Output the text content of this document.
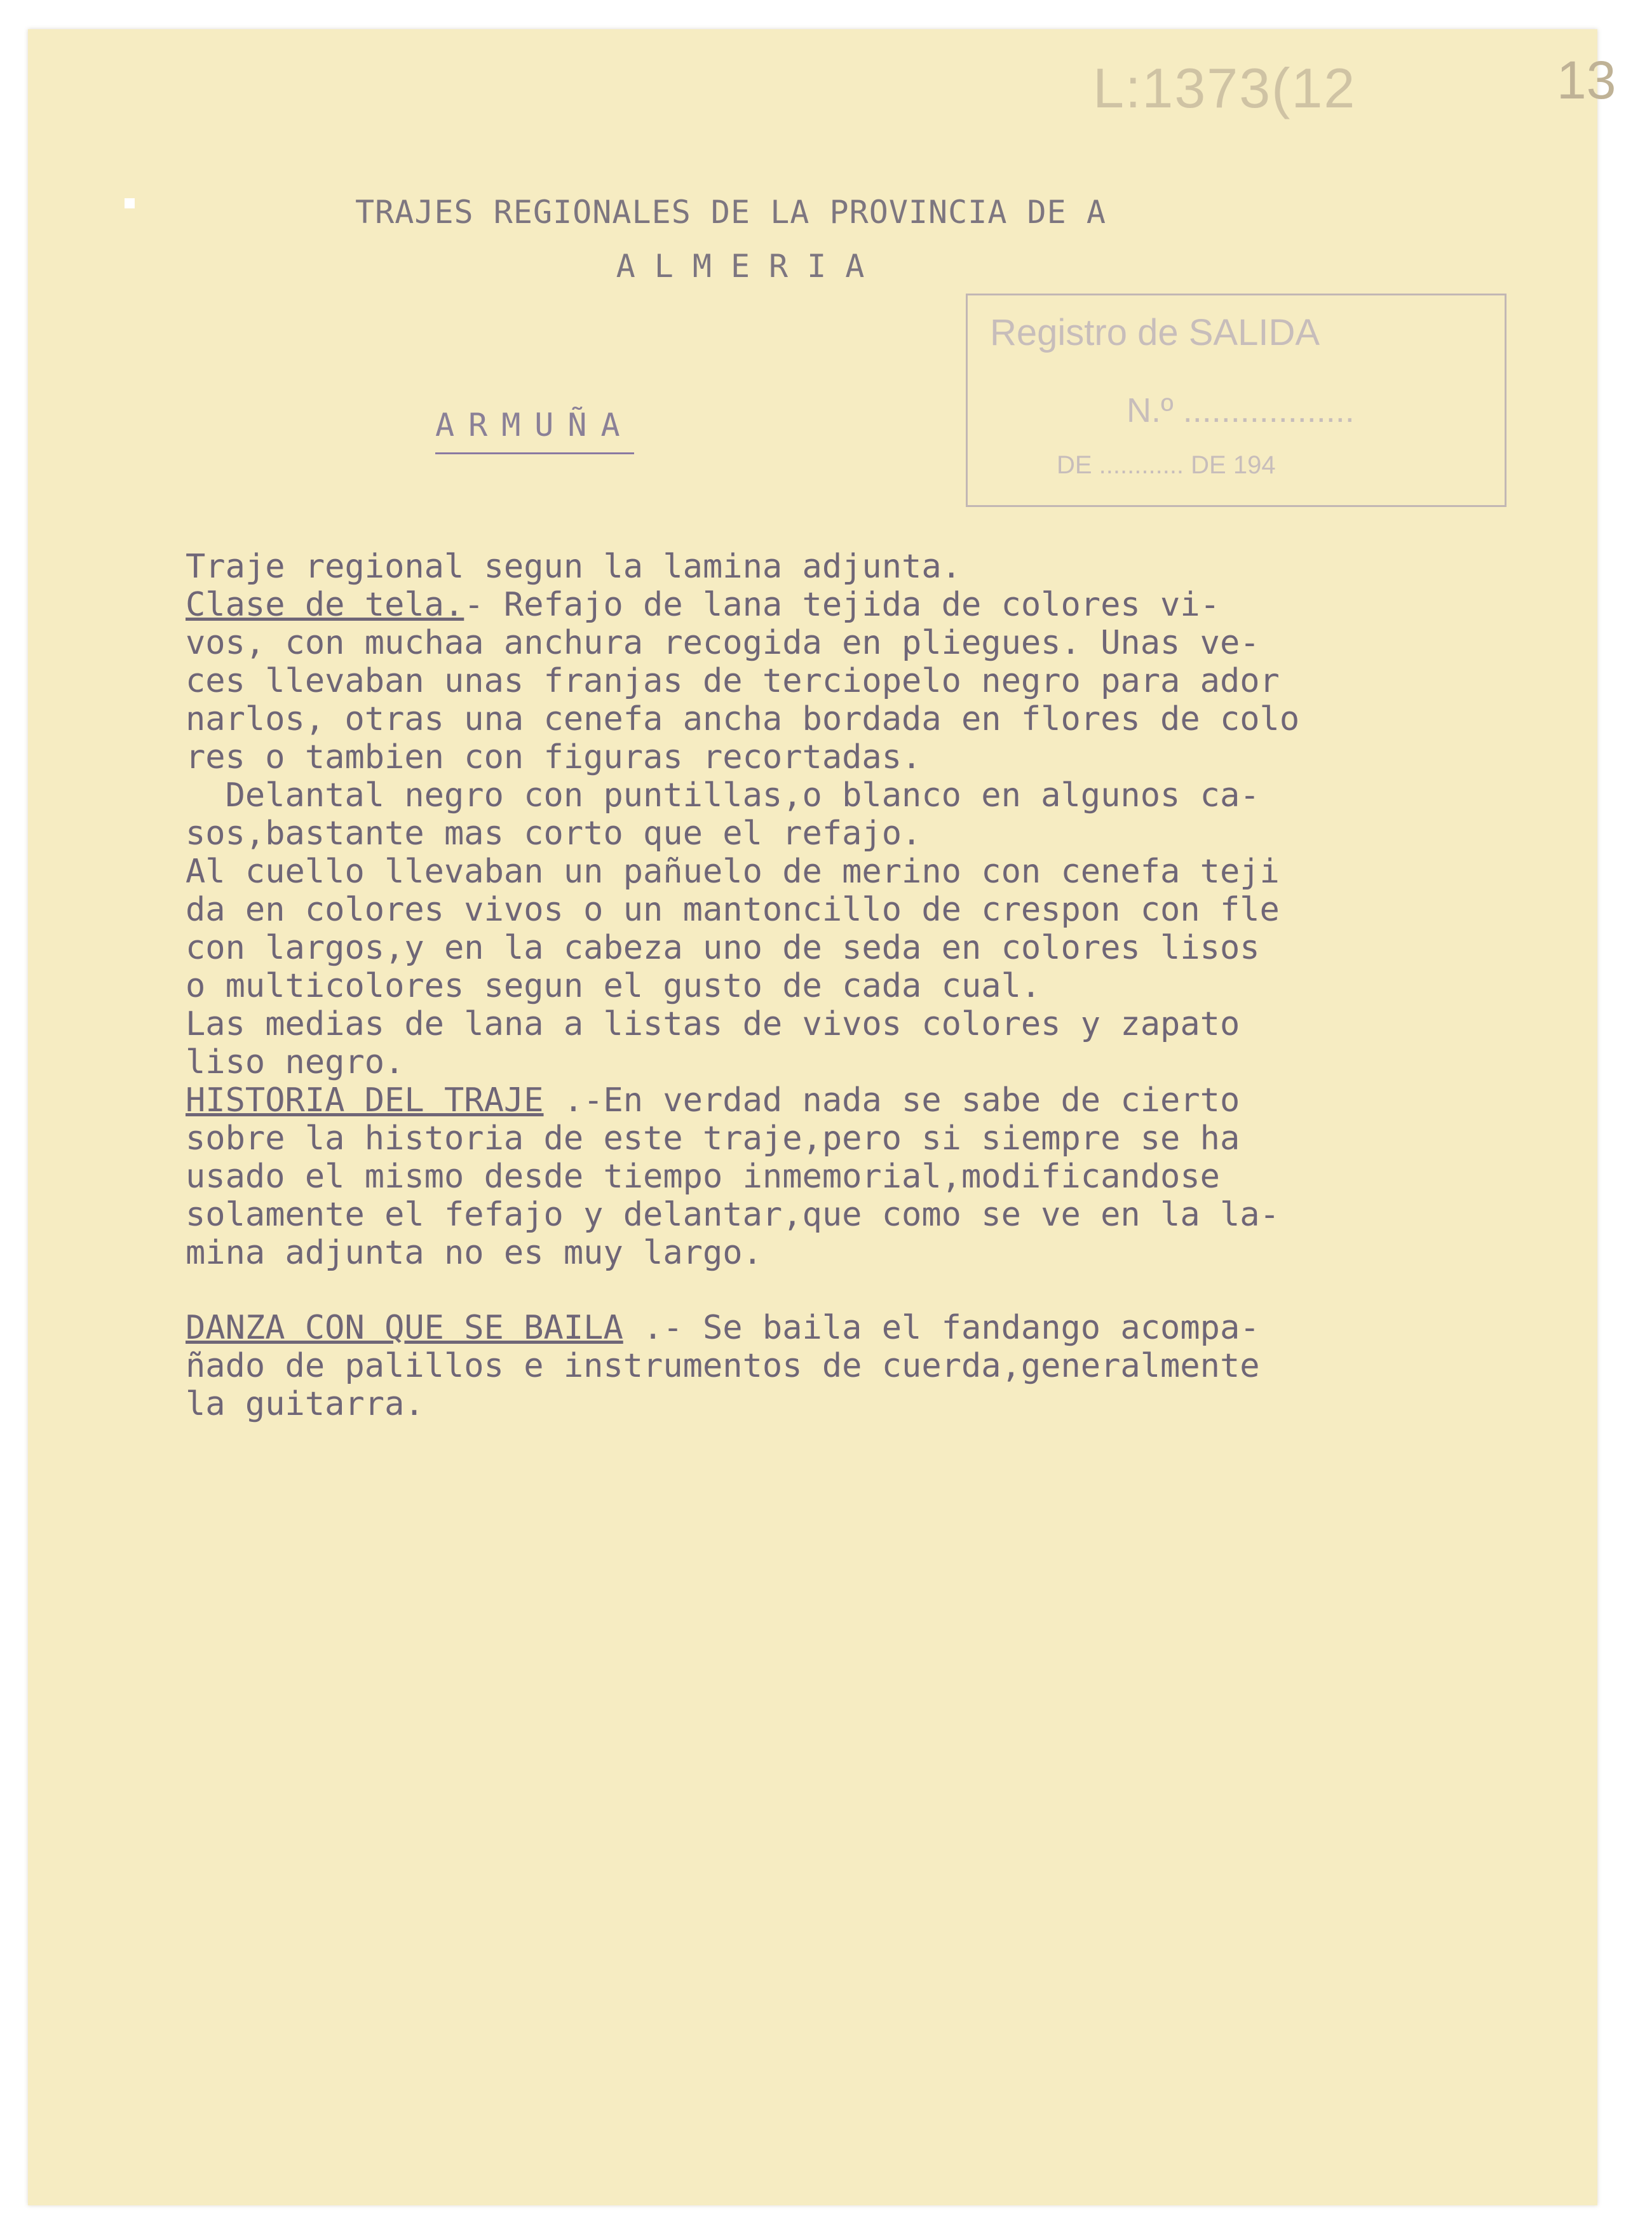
L:1373(12	13
TRAJES REGIONALES DE LA PROVINCIA DE A
ALMERIA
Registro de SALIDA
N.º ..................
DE ............ DE 194
ARMUÑA
Traje regional segun la lamina adjunta.
Clase de tela.- Refajo de lana tejida de colores vi-
vos, con muchaa anchura recogida en pliegues. Unas ve-
ces llevaban unas franjas de terciopelo negro para ador
narlos, otras una cenefa ancha bordada en flores de colo
res o tambien con figuras recortadas.
Delantal negro con puntillas,o blanco en algunos ca-
sos,bastante mas corto que el refajo.
Al cuello llevaban un pañuelo de merino con cenefa teji
da en colores vivos o un mantoncillo de crespon con fle
con largos,y en la cabeza uno de seda en colores lisos
o multicolores segun el gusto de cada cual.
Las medias de lana a listas de vivos colores y zapato
liso negro.
HISTORIA DEL TRAJE .-En verdad nada se sabe de cierto
sobre la historia de este traje,pero si siempre se ha
usado el mismo desde tiempo inmemorial,modificandose
solamente el fefajo y delantar,que como se ve en la la-
mina adjunta no es muy largo.
DANZA CON QUE SE BAILA .- Se baila el fandango acompa-
ñado de palillos e instrumentos de cuerda,generalmente
la guitarra.
